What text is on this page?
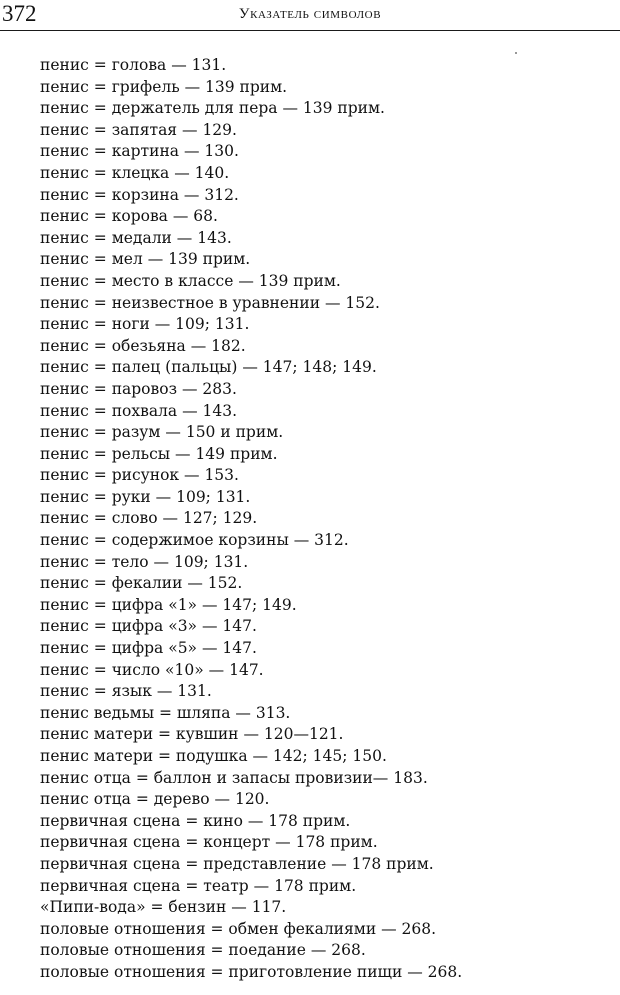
372	Указатель символов
пенис = голова — 131.
пенис = грифель — 139 прим.
пенис = держатель для пера — 139 прим.
пенис = запятая — 129.
пенис = картина — 130.
пенис = клецка — 140.
пенис = корзина — 312.
пенис = корова — 68.
пенис = медали — 143.
пенис = мел — 139 прим.
пенис = место в классе — 139 прим.
пенис = неизвестное в уравнении — 152.
пенис = ноги — 109; 131.
пенис = обезьяна — 182.
пенис = палец (пальцы) — 147; 148; 149.
пенис = паровоз — 283.
пенис = похвала — 143.
пенис = разум — 150 и прим.
пенис = рельсы — 149 прим.
пенис = рисунок — 153.
пенис = руки — 109; 131.
пенис = слово — 127; 129.
пенис = содержимое корзины — 312.
пенис = тело — 109; 131.
пенис = фекалии — 152.
пенис = цифра «1» — 147; 149.
пенис = цифра «3» — 147.
пенис = цифра «5» — 147.
пенис = число «10» — 147.
пенис = язык — 131.
пенис ведьмы = шляпа — 313.
пенис матери = кувшин — 120—121.
пенис матери = подушка — 142; 145; 150.
пенис отца = баллон и запасы провизии— 183.
пенис отца = дерево — 120.
первичная сцена = кино — 178 прим.
первичная сцена = концерт — 178 прим.
первичная сцена = представление — 178 прим.
первичная сцена = театр — 178 прим.
«Пипи-вода» = бензин — 117.
половые отношения = обмен фекалиями — 268.
половые отношения = поедание — 268.
половые отношения = приготовление пищи — 268.
